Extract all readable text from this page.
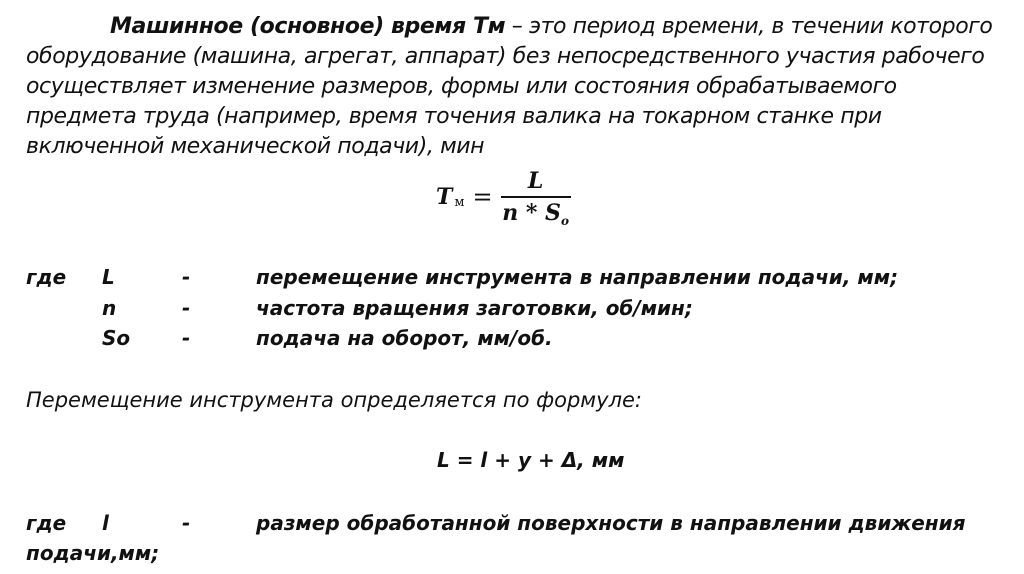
Машинное (основное) время Тм – это период времени, в течении которого оборудование (машина, агрегат, аппарат) без непосредственного участия рабочего осуществляет изменение размеров, формы или состояния обрабатываемого предмета труда (например, время точения валика на токарном станке при включенной механической подачи), мин
T $м = \frac{L}{n * S_o}$
где L	-	перемещение инструмента в направлении подачи, мм;
n	-	частота вращения заготовки, об/мин;
So	-	подача на оборот, мм/об.
Перемещение инструмента определяется по формуле:
L = l + y + Δ, мм
где l	-	размер обработанной поверхности в направлении движения
подачи,мм;
